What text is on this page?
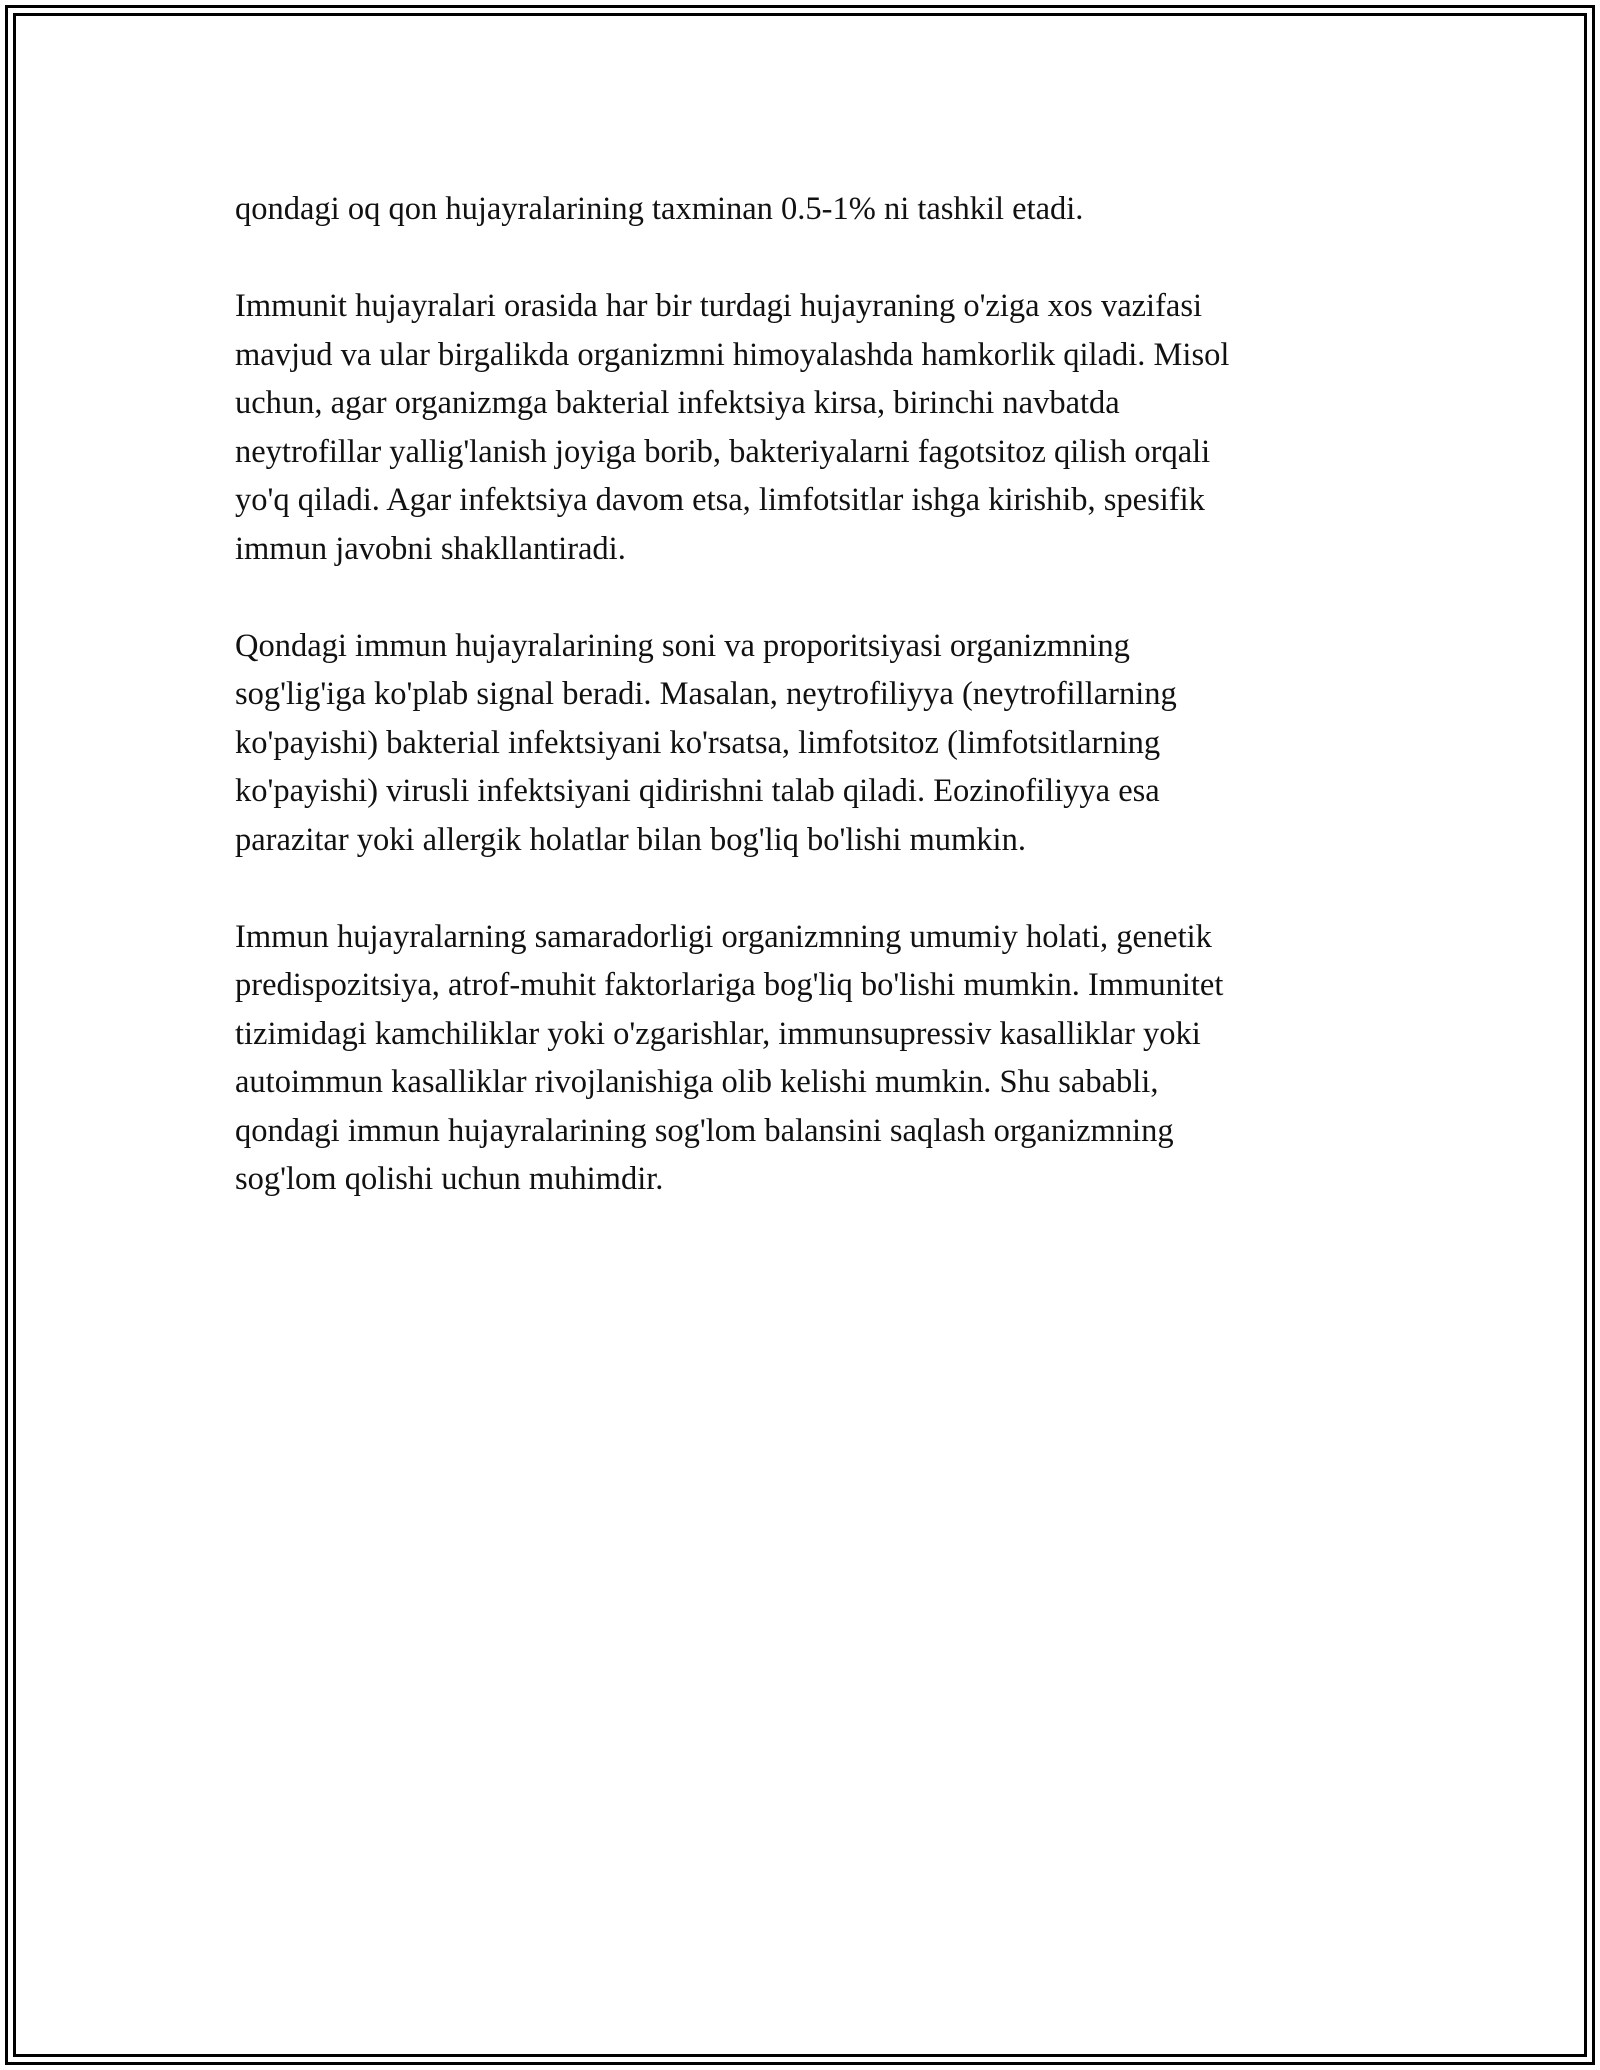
qondagi oq qon hujayralarining taxminan 0.5-1% ni tashkil etadi.

Immunit hujayralari orasida har bir turdagi hujayraning o'ziga xos vazifasi
mavjud va ular birgalikda organizmni himoyalashda hamkorlik qiladi. Misol
uchun, agar organizmga bakterial infektsiya kirsa, birinchi navbatda
neytrofillar yallig'lanish joyiga borib, bakteriyalarni fagotsitoz qilish orqali
yo'q qiladi. Agar infektsiya davom etsa, limfotsitlar ishga kirishib, spesifik
immun javobni shakllantiradi.

Qondagi immun hujayralarining soni va proporitsiyasi organizmning
sog'lig'iga ko'plab signal beradi. Masalan, neytrofiliyya (neytrofillarning
ko'payishi) bakterial infektsiyani ko'rsatsa, limfotsitoz (limfotsitlarning
ko'payishi) virusli infektsiyani qidirishni talab qiladi. Eozinofiliyya esa
parazitar yoki allergik holatlar bilan bog'liq bo'lishi mumkin.

Immun hujayralarning samaradorligi organizmning umumiy holati, genetik
predispozitsiya, atrof-muhit faktorlariga bog'liq bo'lishi mumkin. Immunitet
tizimidagi kamchiliklar yoki o'zgarishlar, immunsupressiv kasalliklar yoki
autoimmun kasalliklar rivojlanishiga olib kelishi mumkin. Shu sababli,
qondagi immun hujayralarining sog'lom balansini saqlash organizmning
sog'lom qolishi uchun muhimdir.
